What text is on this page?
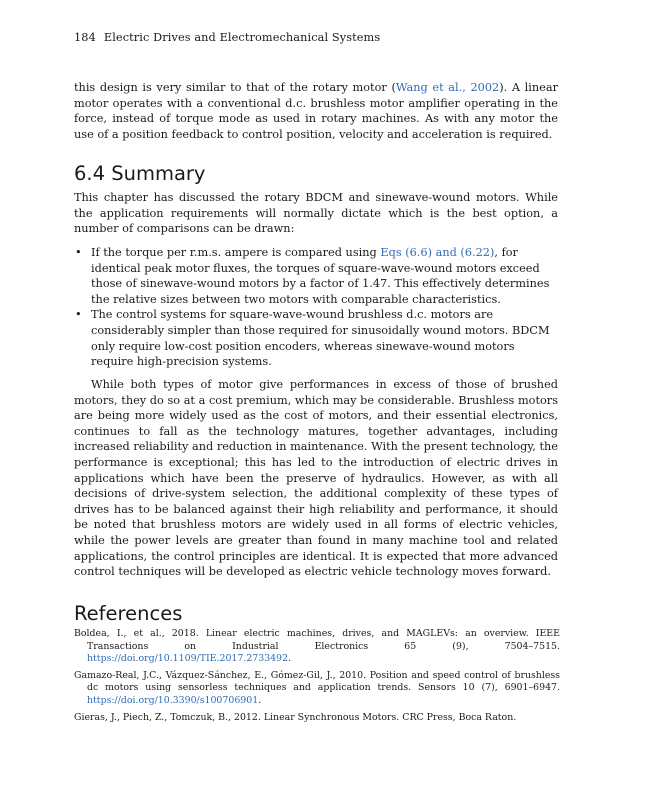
184 Electric Drives and Electromechanical Systems

this design is very similar to that of the rotary motor (Wang et al., 2002). A linear motor operates with a conventional d.c. brushless motor amplifier operating in the force, instead of torque mode as used in rotary machines. As with any motor the use of a position feedback to control position, velocity and acceleration is required.

6.4 Summary

This chapter has discussed the rotary BDCM and sinewave-wound motors. While the application requirements will normally dictate which is the best option, a number of comparisons can be drawn:

• If the torque per r.m.s. ampere is compared using Eqs (6.6) and (6.22), for identical peak motor fluxes, the torques of square-wave-wound motors exceed those of sinewave-wound motors by a factor of 1.47. This effectively determines the relative sizes between two motors with comparable characteristics.
• The control systems for square-wave-wound brushless d.c. motors are considerably simpler than those required for sinusoidally wound motors. BDCM only require low-cost position encoders, whereas sinewave-wound motors require high-precision systems.

While both types of motor give performances in excess of those of brushed motors, they do so at a cost premium, which may be considerable. Brushless motors are being more widely used as the cost of motors, and their essential electronics, continues to fall as the technology matures, together advantages, including increased reliability and reduction in maintenance. With the present technology, the performance is exceptional; this has led to the introduction of electric drives in applications which have been the preserve of hydraulics. However, as with all decisions of drive-system selection, the additional complexity of these types of drives has to be balanced against their high reliability and performance, it should be noted that brushless motors are widely used in all forms of electric vehicles, while the power levels are greater than found in many machine tool and related applications, the control principles are identical. It is expected that more advanced control techniques will be developed as electric vehicle technology moves forward.

References
Boldea, I., et al., 2018. Linear electric machines, drives, and MAGLEVs: an overview. IEEE Transactions on Industrial Electronics 65 (9), 7504–7515. https://doi.org/10.1109/TIE.2017.2733492.
Gamazo-Real, J.C., Vázquez-Sánchez, E., Gómez-Gil, J., 2010. Position and speed control of brushless dc motors using sensorless techniques and application trends. Sensors 10 (7), 6901–6947. https://doi.org/10.3390/s100706901.
Gieras, J., Piech, Z., Tomczuk, B., 2012. Linear Synchronous Motors. CRC Press, Boca Raton.
